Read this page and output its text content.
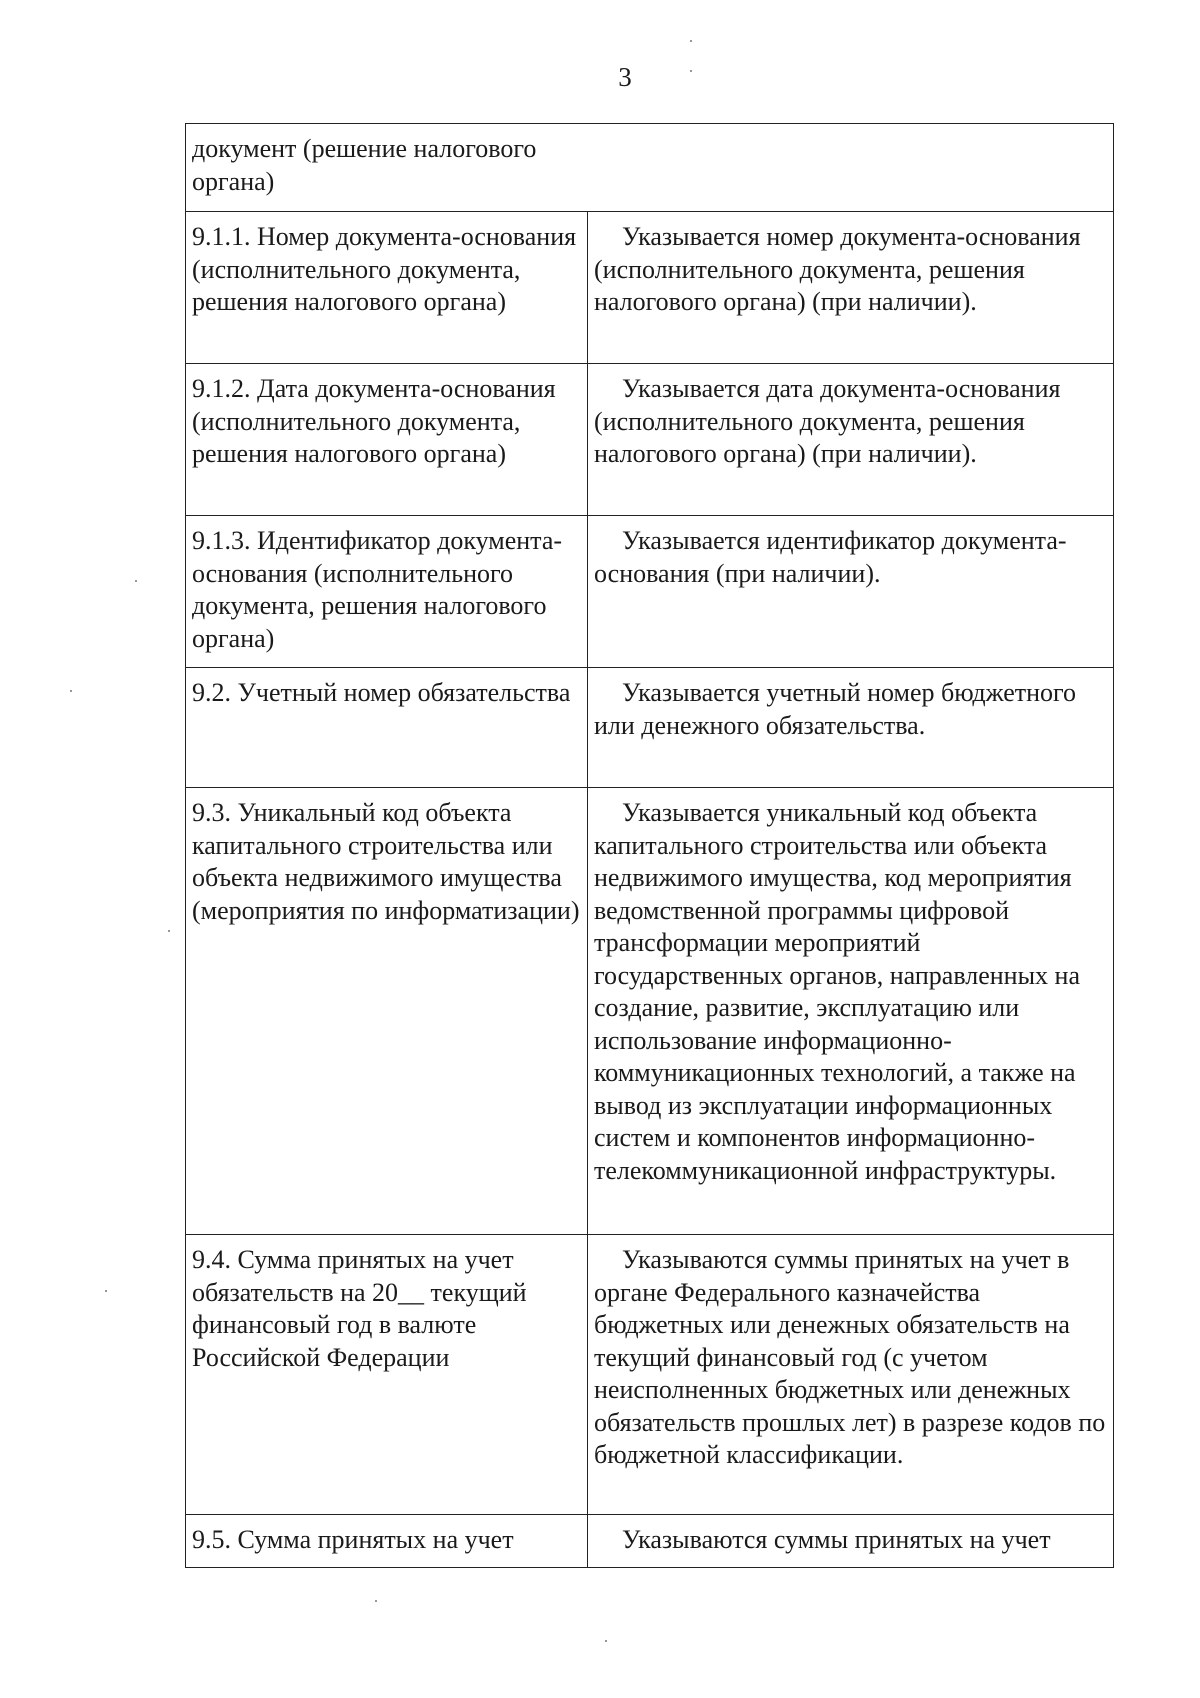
3
документ (решение налогового органа)	

9.1.1. Номер документа-основания (исполнительного документа, решения налогового органа)	Указывается номер документа-основания (исполнительного документа, решения налогового органа) (при наличии).

9.1.2. Дата документа-основания (исполнительного документа, решения налогового органа)	Указывается дата документа-основания (исполнительного документа, решения налогового органа) (при наличии).

9.1.3. Идентификатор документа-основания (исполнительного документа, решения налогового органа)	Указывается идентификатор документа-основания (при наличии).

9.2. Учетный номер обязательства	Указывается учетный номер бюджетного или денежного обязательства.

9.3. Уникальный код объекта капитального строительства или объекта недвижимого имущества (мероприятия по информатизации)	Указывается уникальный код объекта капитального строительства или объекта недвижимого имущества, код мероприятия ведомственной программы цифровой трансформации мероприятий государственных органов, направленных на создание, развитие, эксплуатацию или использование информационно-коммуникационных технологий, а также на вывод из эксплуатации информационных систем и компонентов информационно-телекоммуникационной инфраструктуры.

9.4. Сумма принятых на учет обязательств на 20__ текущий финансовый год в валюте Российской Федерации	Указываются суммы принятых на учет в органе Федерального казначейства бюджетных или денежных обязательств на текущий финансовый год (с учетом неисполненных бюджетных или денежных обязательств прошлых лет) в разрезе кодов по бюджетной классификации.

9.5. Сумма принятых на учет	Указываются суммы принятых на учет
